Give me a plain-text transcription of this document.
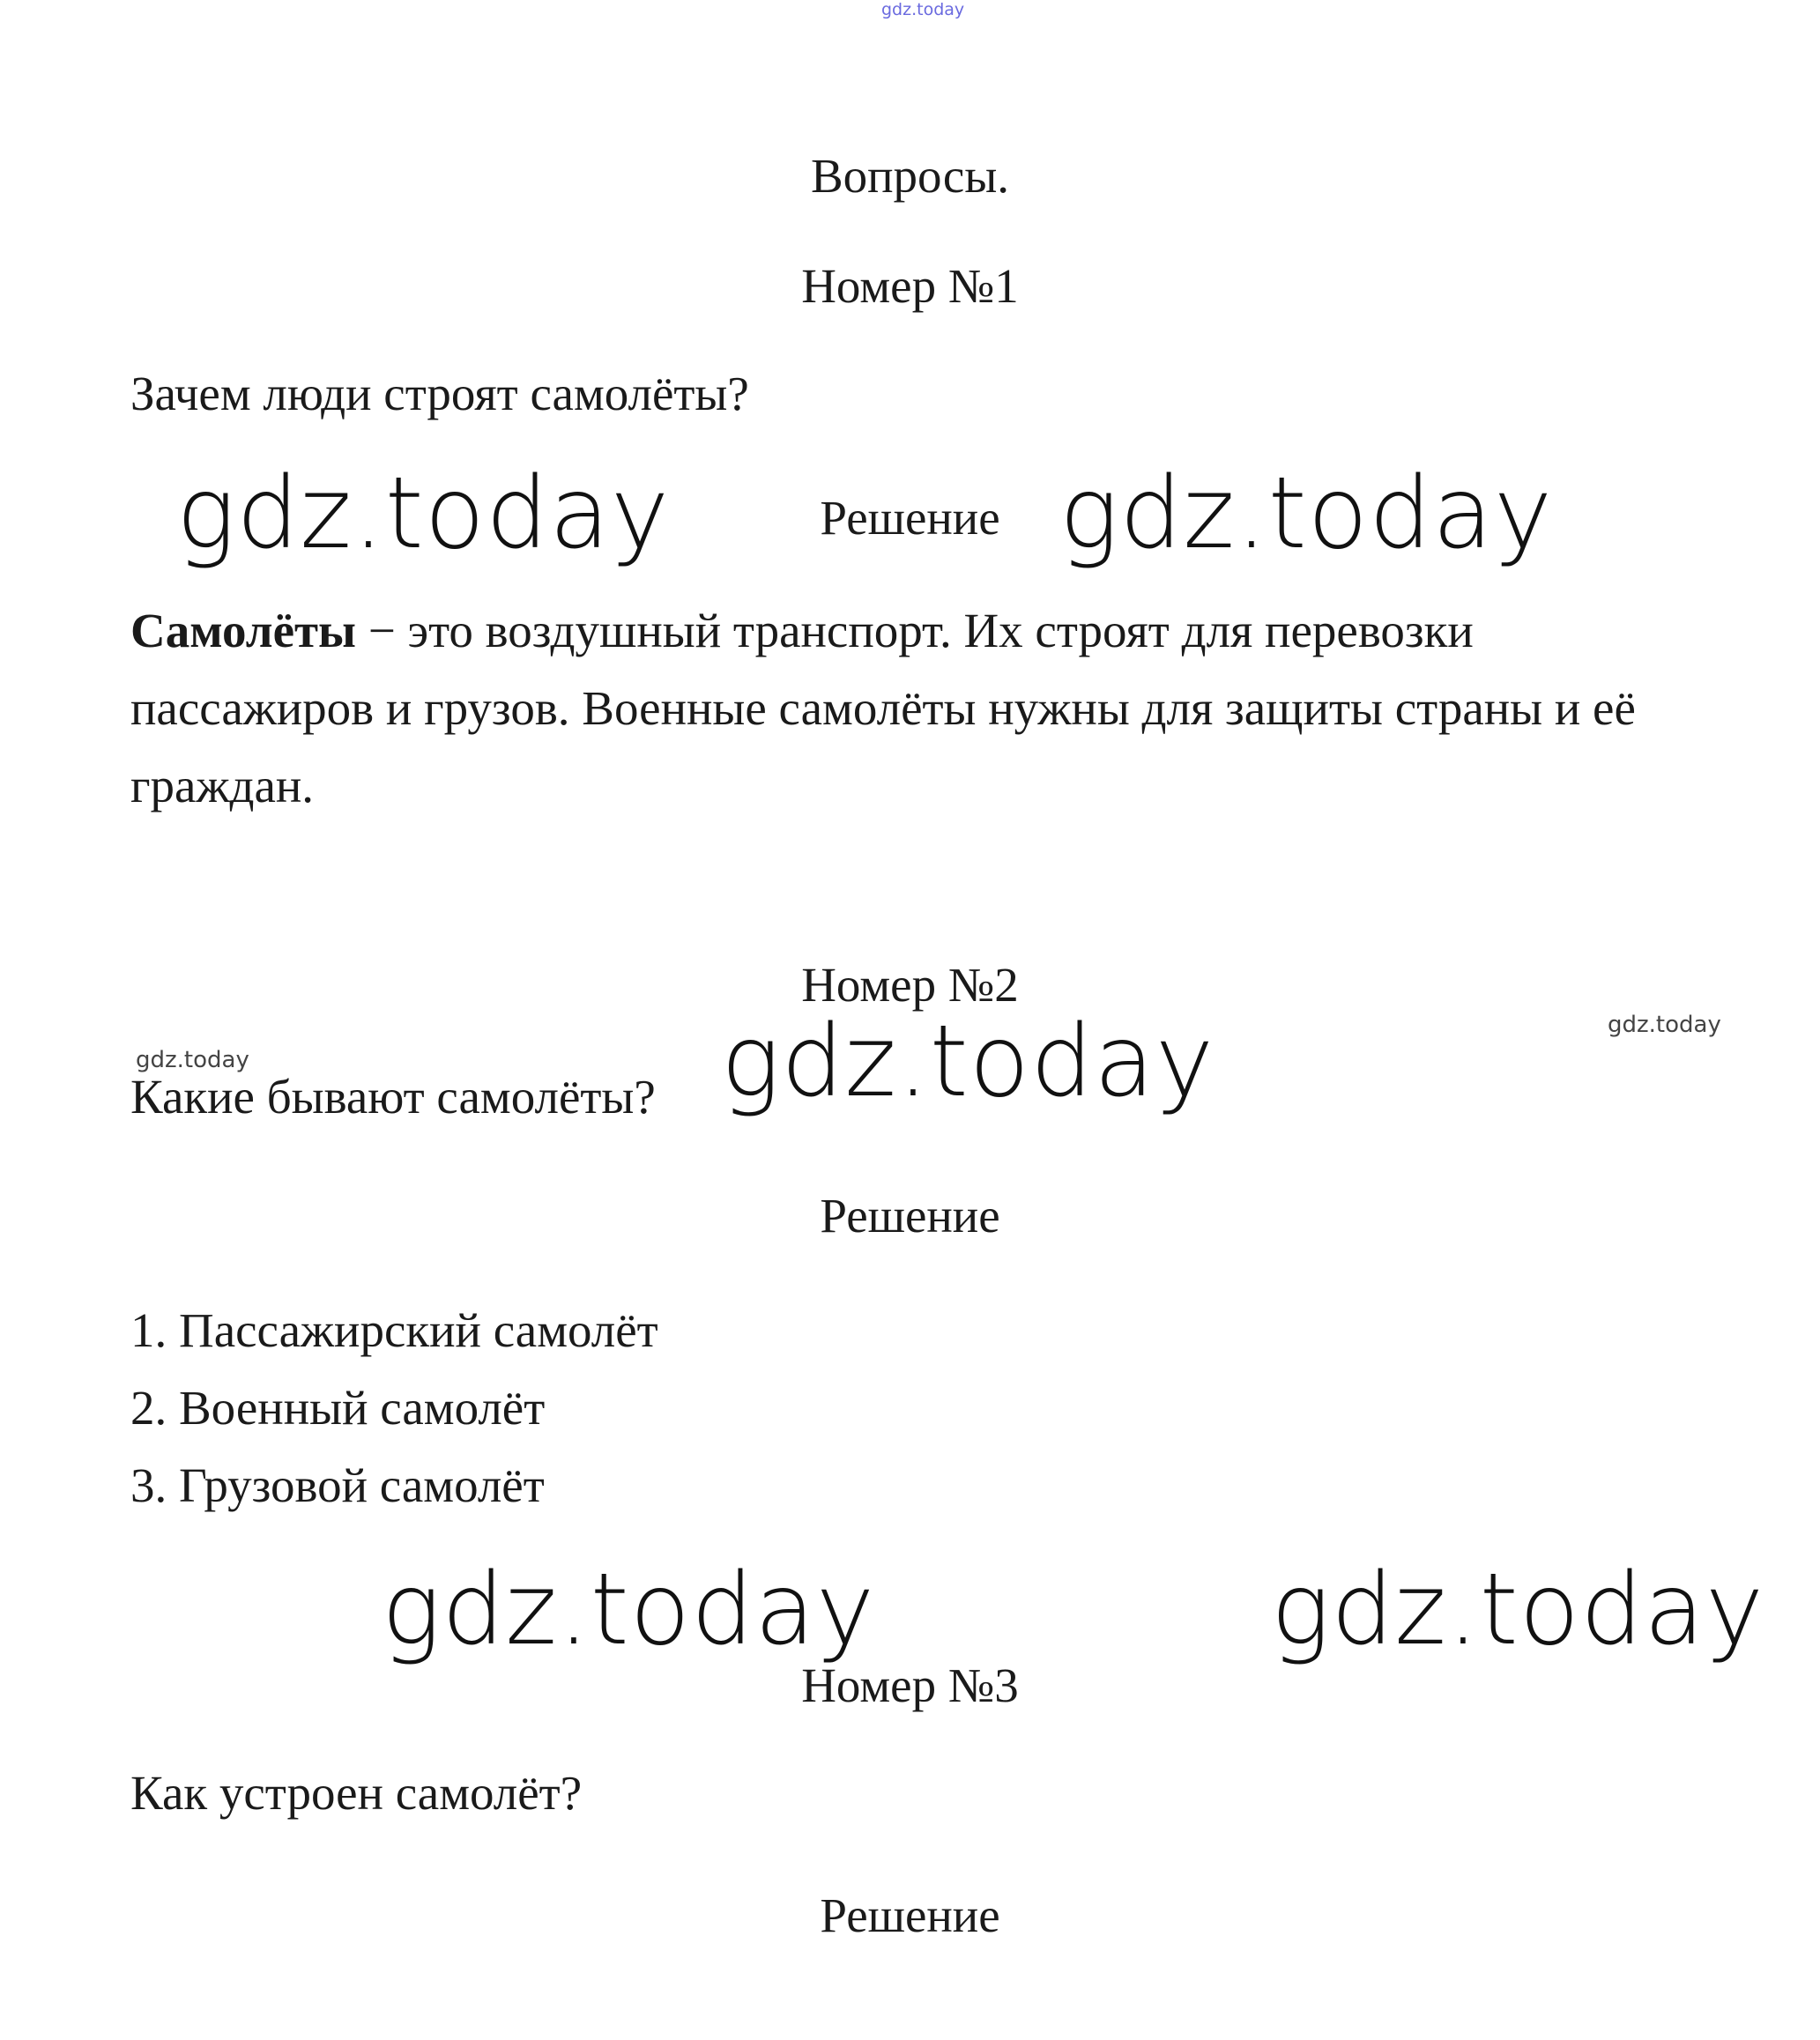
gdz.today
Вопросы.
Номер №1

Зачем люди строят самолёты?

gdz.today	Решение gdz.today

Самолёты − это воздушный транспорт. Их строят для перевозки пассажиров и грузов. Военные самолёты нужны для защиты страны и её граждан.

Номер №2
gdz.today
gdz.today

Какие бывают самолёты? gdz.today
Решение
1. Пассажирский самолёт
2. Военный самолёт
3. Грузовой самолёт
gdz.today	gdz.today
Номер №3

Как устроен самолёт?

Решение
